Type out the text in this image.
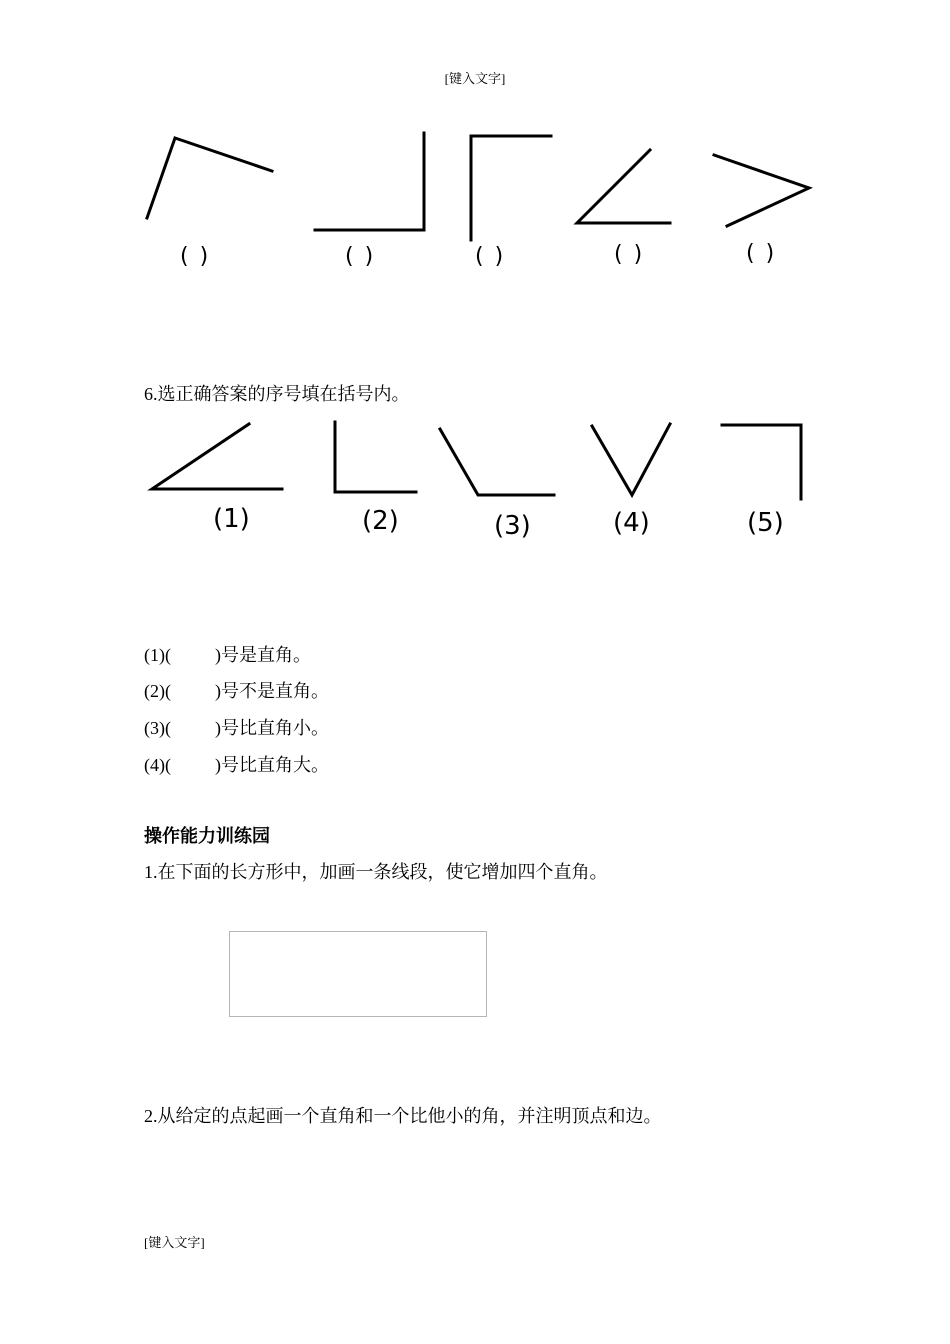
[键入文字]
( )	( )	( )	( )	( )
6.选正确答案的序号填在括号内。
(1)	(2)	(3)	(4)	(5)
(1)( )号是直角。
(2)( )号不是直角。
(3)( )号比直角小。
(4)( )号比直角大。
操作能力训练园
1.在下面的长方形中，加画一条线段，使它增加四个直角。
2.从给定的点起画一个直角和一个比他小的角，并注明顶点和边。
[键入文字]
